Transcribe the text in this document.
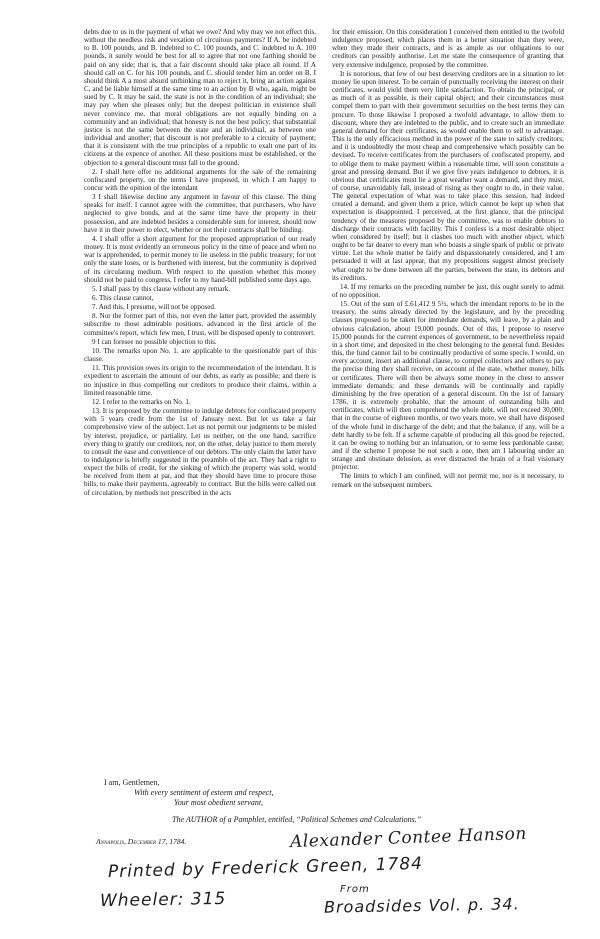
debts due to us in the payment of what we owe? And why may we not effect this, without the needless risk and vexation of circuitous payments? If A. be indebted to B. 100 pounds, and B. indebted to C. 100 pounds, and C. indebted to A. 100 pounds, it surely would be best for all to agree that not one farthing should be paid on any side; that is, that a fair discount should take place all round. If A should call on C. for his 100 pounds, and C. should tender him an order on B. I should think A a most absurd unthinking man to reject it, bring an action against C, and be liable himself at the same time to an action by B who, again, might be sued by C. It may be said, the state is not in the condition of an individual; she may pay when she pleases only; but the deepest politician in existence shall never convince me, that moral obligations are not equally binding on a community and an individual; that honesty is not the best policy; that substantial justice is not the same between the state and an individual, as between one individual and another; that discount is not preferable to a circuity of payment; that it is consistent with the true principles of a republic to exalt one part of its citizens at the expence of another. All these positions must be established, or the objection to a general discount must fall to the ground.

2. I shall here offer no additional arguments for the sale of the remaining confiscated property, on the terms I have proposed, in which I am happy to concur with the opinion of the intendant

3 I shall likewise decline any argument in favour of this clause. The thing speaks for itself. I cannot agree with the committee, that purchasers, who have neglected to give bonds, and at the same time have the property in their possession, and are indebted besides a considerable sum for interest, should now have it in their power to elect, whether or not their contracts shall be binding.

4. I shall offer a short argument for the proposed appropriation of our ready money. It is most evidently an erroneous policy in the time of peace and when no war is apprehended, to permit money to lie useless in the public treasury; for not only the state loses, or is burthened with interest, but the community is deprived of its circulating medium. With respect to the question whether this money should not be paid to congress, I refer to my hand-bill published some days ago.

5. I shall pass by this clause without any remark.

6. This clause cannot,

7. And this, I presume, will not be opposed.

8. Nor the former part of this, nor even the latter part, provided the assembly subscribe to those admirable positions, advanced in the first article of the committee's report, which few men, I trust, will be disposed openly to controvert.

9 I can foresee no possible objection to this.

10. The remarks upon No. 1. are applicable to the questionable part of this clause.

11. This provision owes its origin to the recommendation of the intendant. It is expedient to ascertain the amount of our debts, as early as possible; and there is no injustice in thus compelling our creditors to produce their claims, within a limited reasonable time.

12. I refer to the remarks on No. 1.

13. It is proposed by the committee to indulge debtors for confiscated property with 5 years credit from the 1st of January next. But let us take a fair comprehensive view of the subject. Let us not permit our judgments to be misled by interest, prejudice, or partiality. Let us neither, on the one hand, sacrifice every thing to gratify our creditors, nor, on the other, delay justice to them merely to consult the ease and convenience of our debtors. The only claim the latter have to indulgence is briefly suggested in the preamble of the act. They had a right to expect the bills of credit, for the sinking of which the property was sold, would be received from them at par, and that they should have time to procure those bills, to make their payments, agreeably to contract. But the bills were called out of circulation, by methods not prescribed in the acts

for their emission. On this consideration I conceived them entitled to the twofold indulgence proposed, which places them in a better situation than they were, when they made their contracts, and is as ample as our obligations to our creditors can possibly authorise. Let me state the consequence of granting that very extensive indulgence, proposed by the committee.

It is notorious, that few of our best deserving creditors are in a situation to let money lie upon interest. To be certain of punctually receiving the interest on their certificates, would yield them very little satisfaction. To obtain the principal, or as much of it as possible, is their capital object; and their circumstances must compel them to part with their government securities on the best terms they can procure. To those likewise I proposed a twofold advantage, to allow them to discount, where they are indebted to the public, and to create such an immediate general demand for their certificates, as would enable them to sell to advantage. This is the only efficacious method in the power of the state to satisfy creditors; and it is undoubtedly the most cheap and comprehensive which possibly can be devised. To receive certificates from the purchasers of confiscated property, and to oblige them to make payment within a reasonable time, will soon constitute a great and pressing demand. But if we give five years indulgence to debtors, it is obvious that certificates must lie a great weather want a demand, and they must, of course, unavoidably fall, instead of rising as they ought to do, in their value. The general expectation of what was to take place this session, had indeed created a demand, and given them a price, which cannot be kept up when that expectation is disappointed. I perceived, at the first glance, that the principal tendency of the measures proposed by the committee, was to enable debtors to discharge their contracts with facility. This I confess is a most desirable object when considered by itself; but it clashes too much with another object, which ought to be far dearer to every man who boasts a single spark of public or private virtue. Let the whole matter be fairly and dispassionately considered, and I am persuaded it will at last appear, that my propositions suggest almost precisely what ought to be done between all the parties, between the state, its debtors and its creditors.

14. If my remarks on the preceding number be just, this ought surely to admit of no opposition.

15. Out of the sum of £.61,412 9 5½, which the intendant reports to be in the treasury, the sums already directed by the legislature, and by the preceding clauses proposed to be taken for immediate demands, will leave, by a plain and obvious calculation, about 19,000 pounds. Out of this, I propose to reserve 15,000 pounds for the current expences of government, to be nevertheless repaid in a short time, and deposited in the chest belonging to the general fund. Besides this, the fund cannot fail to be continually productive of some specie. I would, on every account, insert an additional clause, to compel collectors and others to pay the precise thing they shall receive, on account of the state, whether money, bills or certificates. There will then be always some money in the chest to answer immediate demands; and these demands will be continually and rapidly diminishing by the free operation of a general discount. On the 1st of January 1786, it is extremely probable, that the amount of outstanding bills and certificates, which will then comprehend the whole debt, will not exceed 30,000; that in the course of eighteen months, or two years more, we shall have disposed of the whole fund in discharge of the debt; and that the balance, if any, will be a debt hardly to be felt. If a scheme capable of producing all this good be rejected, it can be owing to nothing but an infatuation, or to some less pardonable cause; and if the scheme I propose be not such a one, then am I labouring under an strange and obstinate delusion, as ever distracted the brain of a frail visionary projector.

The limits to which I am confined, will not permit me, nor is it necessary, to remark on the subsequent numbers.

I am, Gentlemen,
With every sentiment of esteem and respect,
Your most obedient servant,
The AUTHOR of a Pamphlet, entitled, “Political Schemes and Calculations.”
Annapolis, December 17, 1784.	Alexander Contee Hanson
Printed by Frederick Green, 1784
Wheeler: 315	From
Broadsides Vol. p. 34.
